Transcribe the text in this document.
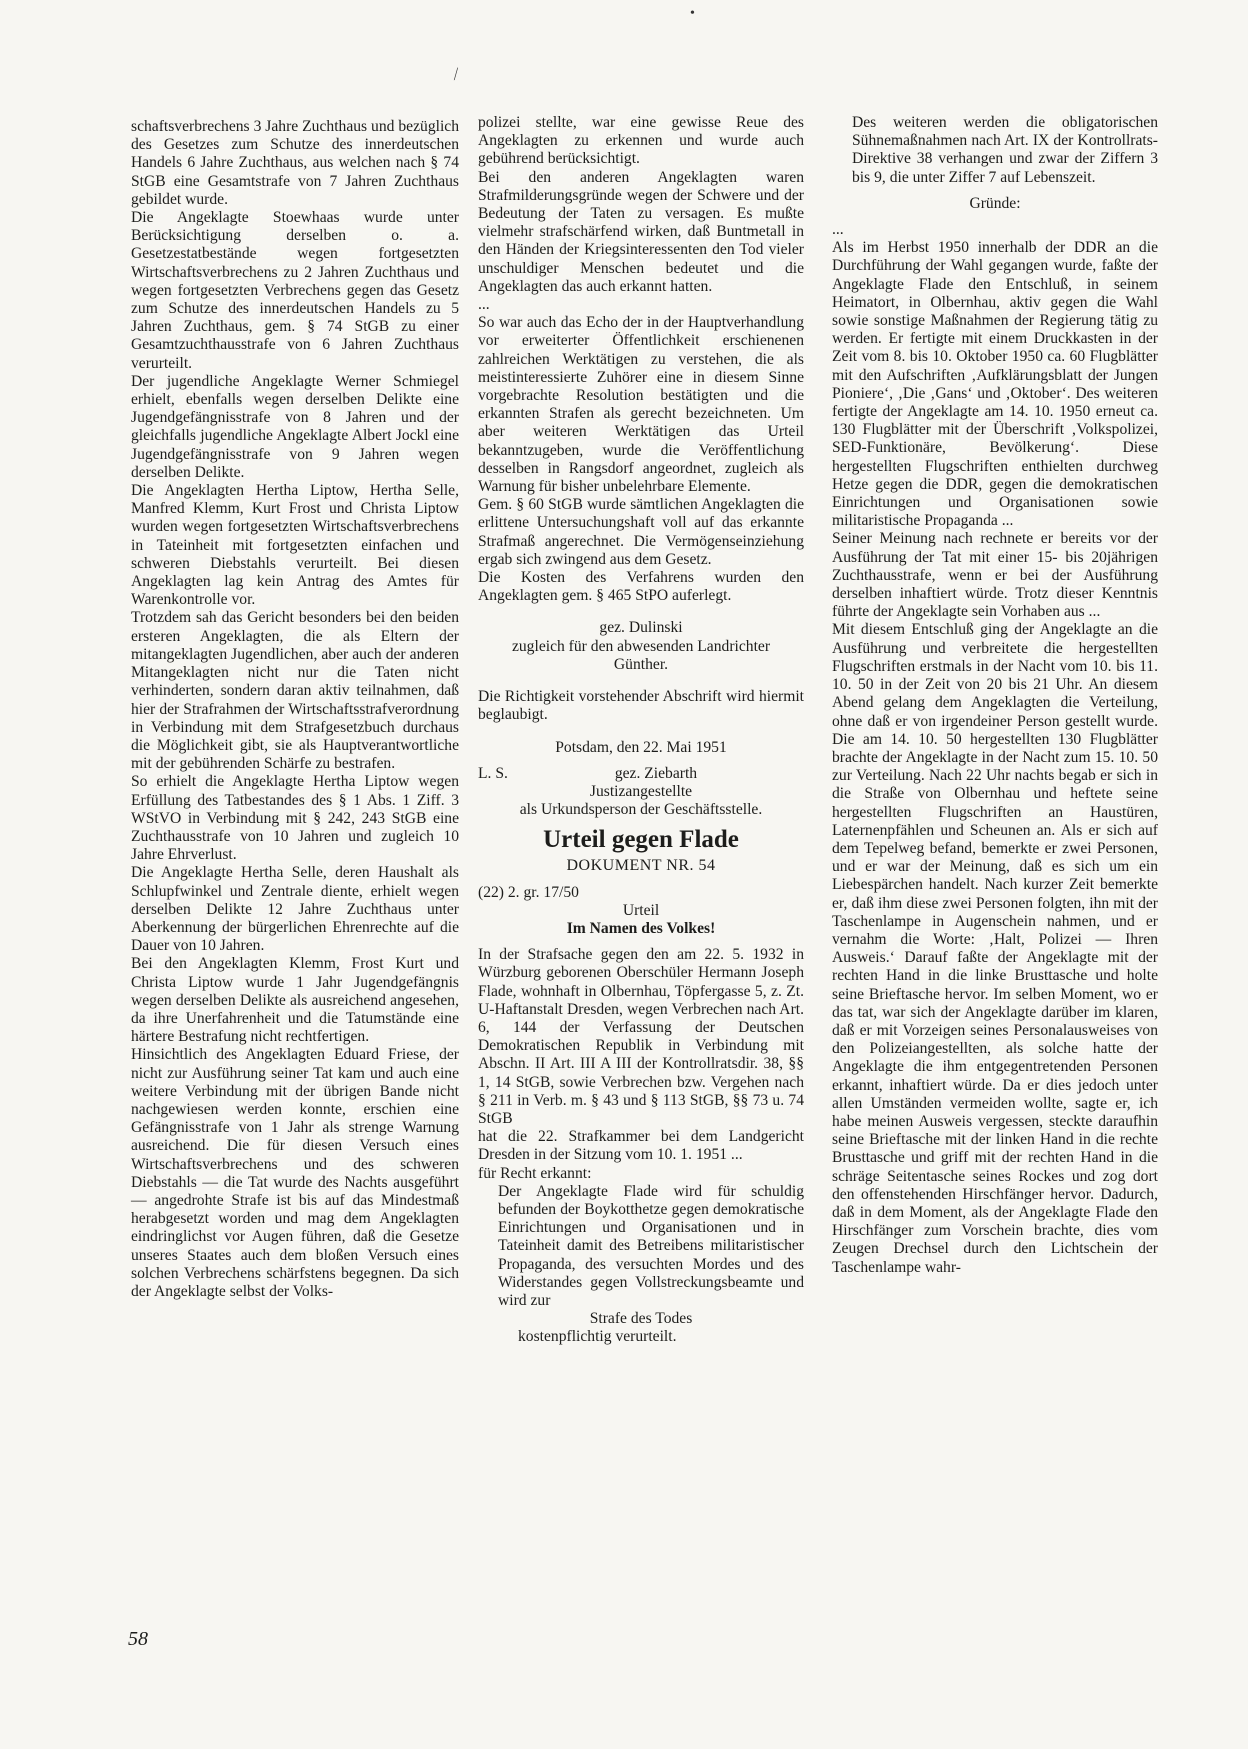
•
⁄

schaftsverbrechens 3 Jahre Zuchthaus und bezüglich des Gesetzes zum Schutze des innerdeutschen Handels 6 Jahre Zuchthaus, aus welchen nach § 74 StGB eine Gesamtstrafe von 7 Jahren Zuchthaus gebildet wurde.

Die Angeklagte Stoewhaas wurde unter Berücksichtigung derselben o. a. Gesetzestatbestände wegen fortgesetzten Wirtschaftsverbrechens zu 2 Jahren Zuchthaus und wegen fortgesetzten Verbrechens gegen das Gesetz zum Schutze des innerdeutschen Handels zu 5 Jahren Zuchthaus, gem. § 74 StGB zu einer Gesamtzuchthausstrafe von 6 Jahren Zuchthaus verurteilt.

Der jugendliche Angeklagte Werner Schmiegel erhielt, ebenfalls wegen derselben Delikte eine Jugendgefängnisstrafe von 8 Jahren und der gleichfalls jugendliche Angeklagte Albert Jockl eine Jugendgefängnisstrafe von 9 Jahren wegen derselben Delikte.

Die Angeklagten Hertha Liptow, Hertha Selle, Manfred Klemm, Kurt Frost und Christa Liptow wurden wegen fortgesetzten Wirtschaftsverbrechens in Tateinheit mit fortgesetzten einfachen und schweren Diebstahls verurteilt. Bei diesen Angeklagten lag kein Antrag des Amtes für Warenkontrolle vor.

Trotzdem sah das Gericht besonders bei den beiden ersteren Angeklagten, die als Eltern der mitangeklagten Jugendlichen, aber auch der anderen Mitangeklagten nicht nur die Taten nicht verhinderten, sondern daran aktiv teilnahmen, daß hier der Strafrahmen der Wirtschaftsstrafverordnung in Verbindung mit dem Strafgesetzbuch durchaus die Möglichkeit gibt, sie als Hauptverantwortliche mit der gebührenden Schärfe zu bestrafen.

So erhielt die Angeklagte Hertha Liptow wegen Erfüllung des Tatbestandes des § 1 Abs. 1 Ziff. 3 WStVO in Verbindung mit § 242, 243 StGB eine Zuchthausstrafe von 10 Jahren und zugleich 10 Jahre Ehrverlust.

Die Angeklagte Hertha Selle, deren Haushalt als Schlupfwinkel und Zentrale diente, erhielt wegen derselben Delikte 12 Jahre Zuchthaus unter Aberkennung der bürgerlichen Ehrenrechte auf die Dauer von 10 Jahren.

Bei den Angeklagten Klemm, Frost Kurt und Christa Liptow wurde 1 Jahr Jugendgefängnis wegen derselben Delikte als ausreichend angesehen, da ihre Unerfahrenheit und die Tatumstände eine härtere Bestrafung nicht rechtfertigen.

Hinsichtlich des Angeklagten Eduard Friese, der nicht zur Ausführung seiner Tat kam und auch eine weitere Verbindung mit der übrigen Bande nicht nachgewiesen werden konnte, erschien eine Gefängnisstrafe von 1 Jahr als strenge Warnung ausreichend. Die für diesen Versuch eines Wirtschaftsverbrechens und des schweren Diebstahls — die Tat wurde des Nachts ausgeführt — angedrohte Strafe ist bis auf das Mindestmaß herabgesetzt worden und mag dem Angeklagten eindringlichst vor Augen führen, daß die Gesetze unseres Staates auch dem bloßen Versuch eines solchen Verbrechens schärfstens begegnen. Da sich der Angeklagte selbst der Volks-

polizei stellte, war eine gewisse Reue des Angeklagten zu erkennen und wurde auch gebührend berücksichtigt.

Bei den anderen Angeklagten waren Strafmilderungsgründe wegen der Schwere und der Bedeutung der Taten zu versagen. Es mußte vielmehr strafschärfend wirken, daß Buntmetall in den Händen der Kriegsinteressenten den Tod vieler unschuldiger Menschen bedeutet und die Angeklagten das auch erkannt hatten.

...

So war auch das Echo der in der Hauptverhandlung vor erweiterter Öffentlichkeit erschienenen zahlreichen Werktätigen zu verstehen, die als meistinteressierte Zuhörer eine in diesem Sinne vorgebrachte Resolution bestätigten und die erkannten Strafen als gerecht bezeichneten. Um aber weiteren Werktätigen das Urteil bekanntzugeben, wurde die Veröffentlichung desselben in Rangsdorf angeordnet, zugleich als Warnung für bisher unbelehrbare Elemente.

Gem. § 60 StGB wurde sämtlichen Angeklagten die erlittene Untersuchungshaft voll auf das erkannte Strafmaß angerechnet. Die Vermögenseinziehung ergab sich zwingend aus dem Gesetz.

Die Kosten des Verfahrens wurden den Angeklagten gem. § 465 StPO auferlegt.

gez. Dulinski

zugleich für den abwesenden Landrichter

Günther.

Die Richtigkeit vorstehender Abschrift wird hiermit beglaubigt.

Potsdam, den 22. Mai 1951

L. S.	gez. Ziebarth

Justizangestellte

als Urkundsperson der Geschäftsstelle.

Urteil gegen Flade
DOKUMENT NR. 54

(22) 2. gr. 17/50

Urteil

Im Namen des Volkes!

In der Strafsache gegen den am 22. 5. 1932 in Würzburg geborenen Oberschüler Hermann Joseph Flade, wohnhaft in Olbernhau, Töpfergasse 5, z. Zt. U-Haftanstalt Dresden, wegen Verbrechen nach Art. 6, 144 der Verfassung der Deutschen Demokratischen Republik in Verbindung mit Abschn. II Art. III A III der Kontrollratsdir. 38, §§ 1, 14 StGB, sowie Verbrechen bzw. Vergehen nach § 211 in Verb. m. § 43 und § 113 StGB, §§ 73 u. 74 StGB

hat die 22. Strafkammer bei dem Landgericht Dresden in der Sitzung vom 10. 1. 1951 ...

für Recht erkannt:

Der Angeklagte Flade wird für schuldig befunden der Boykotthetze gegen demokratische Einrichtungen und Organisationen und in Tateinheit damit des Betreibens militaristischer Propaganda, des versuchten Mordes und des Widerstandes gegen Vollstreckungsbeamte und wird zur

Strafe des Todes

kostenpflichtig verurteilt.

Des weiteren werden die obligatorischen Sühnemaßnahmen nach Art. IX der Kontrollrats-Direktive 38 verhangen und zwar der Ziffern 3 bis 9, die unter Ziffer 7 auf Lebenszeit.

Gründe:

...

Als im Herbst 1950 innerhalb der DDR an die Durchführung der Wahl gegangen wurde, faßte der Angeklagte Flade den Entschluß, in seinem Heimatort, in Olbernhau, aktiv gegen die Wahl sowie sonstige Maßnahmen der Regierung tätig zu werden. Er fertigte mit einem Druckkasten in der Zeit vom 8. bis 10. Oktober 1950 ca. 60 Flugblätter mit den Aufschriften ‚Aufklärungsblatt der Jungen Pioniere‘, ‚Die ‚Gans‘ und ‚Oktober‘. Des weiteren fertigte der Angeklagte am 14. 10. 1950 erneut ca. 130 Flugblätter mit der Überschrift ‚Volkspolizei, SED-Funktionäre, Bevölkerung‘. Diese hergestellten Flugschriften enthielten durchweg Hetze gegen die DDR, gegen die demokratischen Einrichtungen und Organisationen sowie militaristische Propaganda ...

Seiner Meinung nach rechnete er bereits vor der Ausführung der Tat mit einer 15- bis 20jährigen Zuchthausstrafe, wenn er bei der Ausführung derselben inhaftiert würde. Trotz dieser Kenntnis führte der Angeklagte sein Vorhaben aus ...

Mit diesem Entschluß ging der Angeklagte an die Ausführung und verbreitete die hergestellten Flugschriften erstmals in der Nacht vom 10. bis 11. 10. 50 in der Zeit von 20 bis 21 Uhr. An diesem Abend gelang dem Angeklagten die Verteilung, ohne daß er von irgendeiner Person gestellt wurde. Die am 14. 10. 50 hergestellten 130 Flugblätter brachte der Angeklagte in der Nacht zum 15. 10. 50 zur Verteilung. Nach 22 Uhr nachts begab er sich in die Straße von Olbernhau und heftete seine hergestellten Flugschriften an Haustüren, Laternenpfählen und Scheunen an. Als er sich auf dem Tepelweg befand, bemerkte er zwei Personen, und er war der Meinung, daß es sich um ein Liebespärchen handelt. Nach kurzer Zeit bemerkte er, daß ihm diese zwei Personen folgten, ihn mit der Taschenlampe in Augenschein nahmen, und er vernahm die Worte: ‚Halt, Polizei — Ihren Ausweis.‘ Darauf faßte der Angeklagte mit der rechten Hand in die linke Brusttasche und holte seine Brieftasche hervor. Im selben Moment, wo er das tat, war sich der Angeklagte darüber im klaren, daß er mit Vorzeigen seines Personalausweises von den Polizeiangestellten, als solche hatte der Angeklagte die ihm entgegentretenden Personen erkannt, inhaftiert würde. Da er dies jedoch unter allen Umständen vermeiden wollte, sagte er, ich habe meinen Ausweis vergessen, steckte daraufhin seine Brieftasche mit der linken Hand in die rechte Brusttasche und griff mit der rechten Hand in die schräge Seitentasche seines Rockes und zog dort den offenstehenden Hirschfänger hervor. Dadurch, daß in dem Moment, als der Angeklagte Flade den Hirschfänger zum Vorschein brachte, dies vom Zeugen Drechsel durch den Lichtschein der Taschenlampe wahr-

58
